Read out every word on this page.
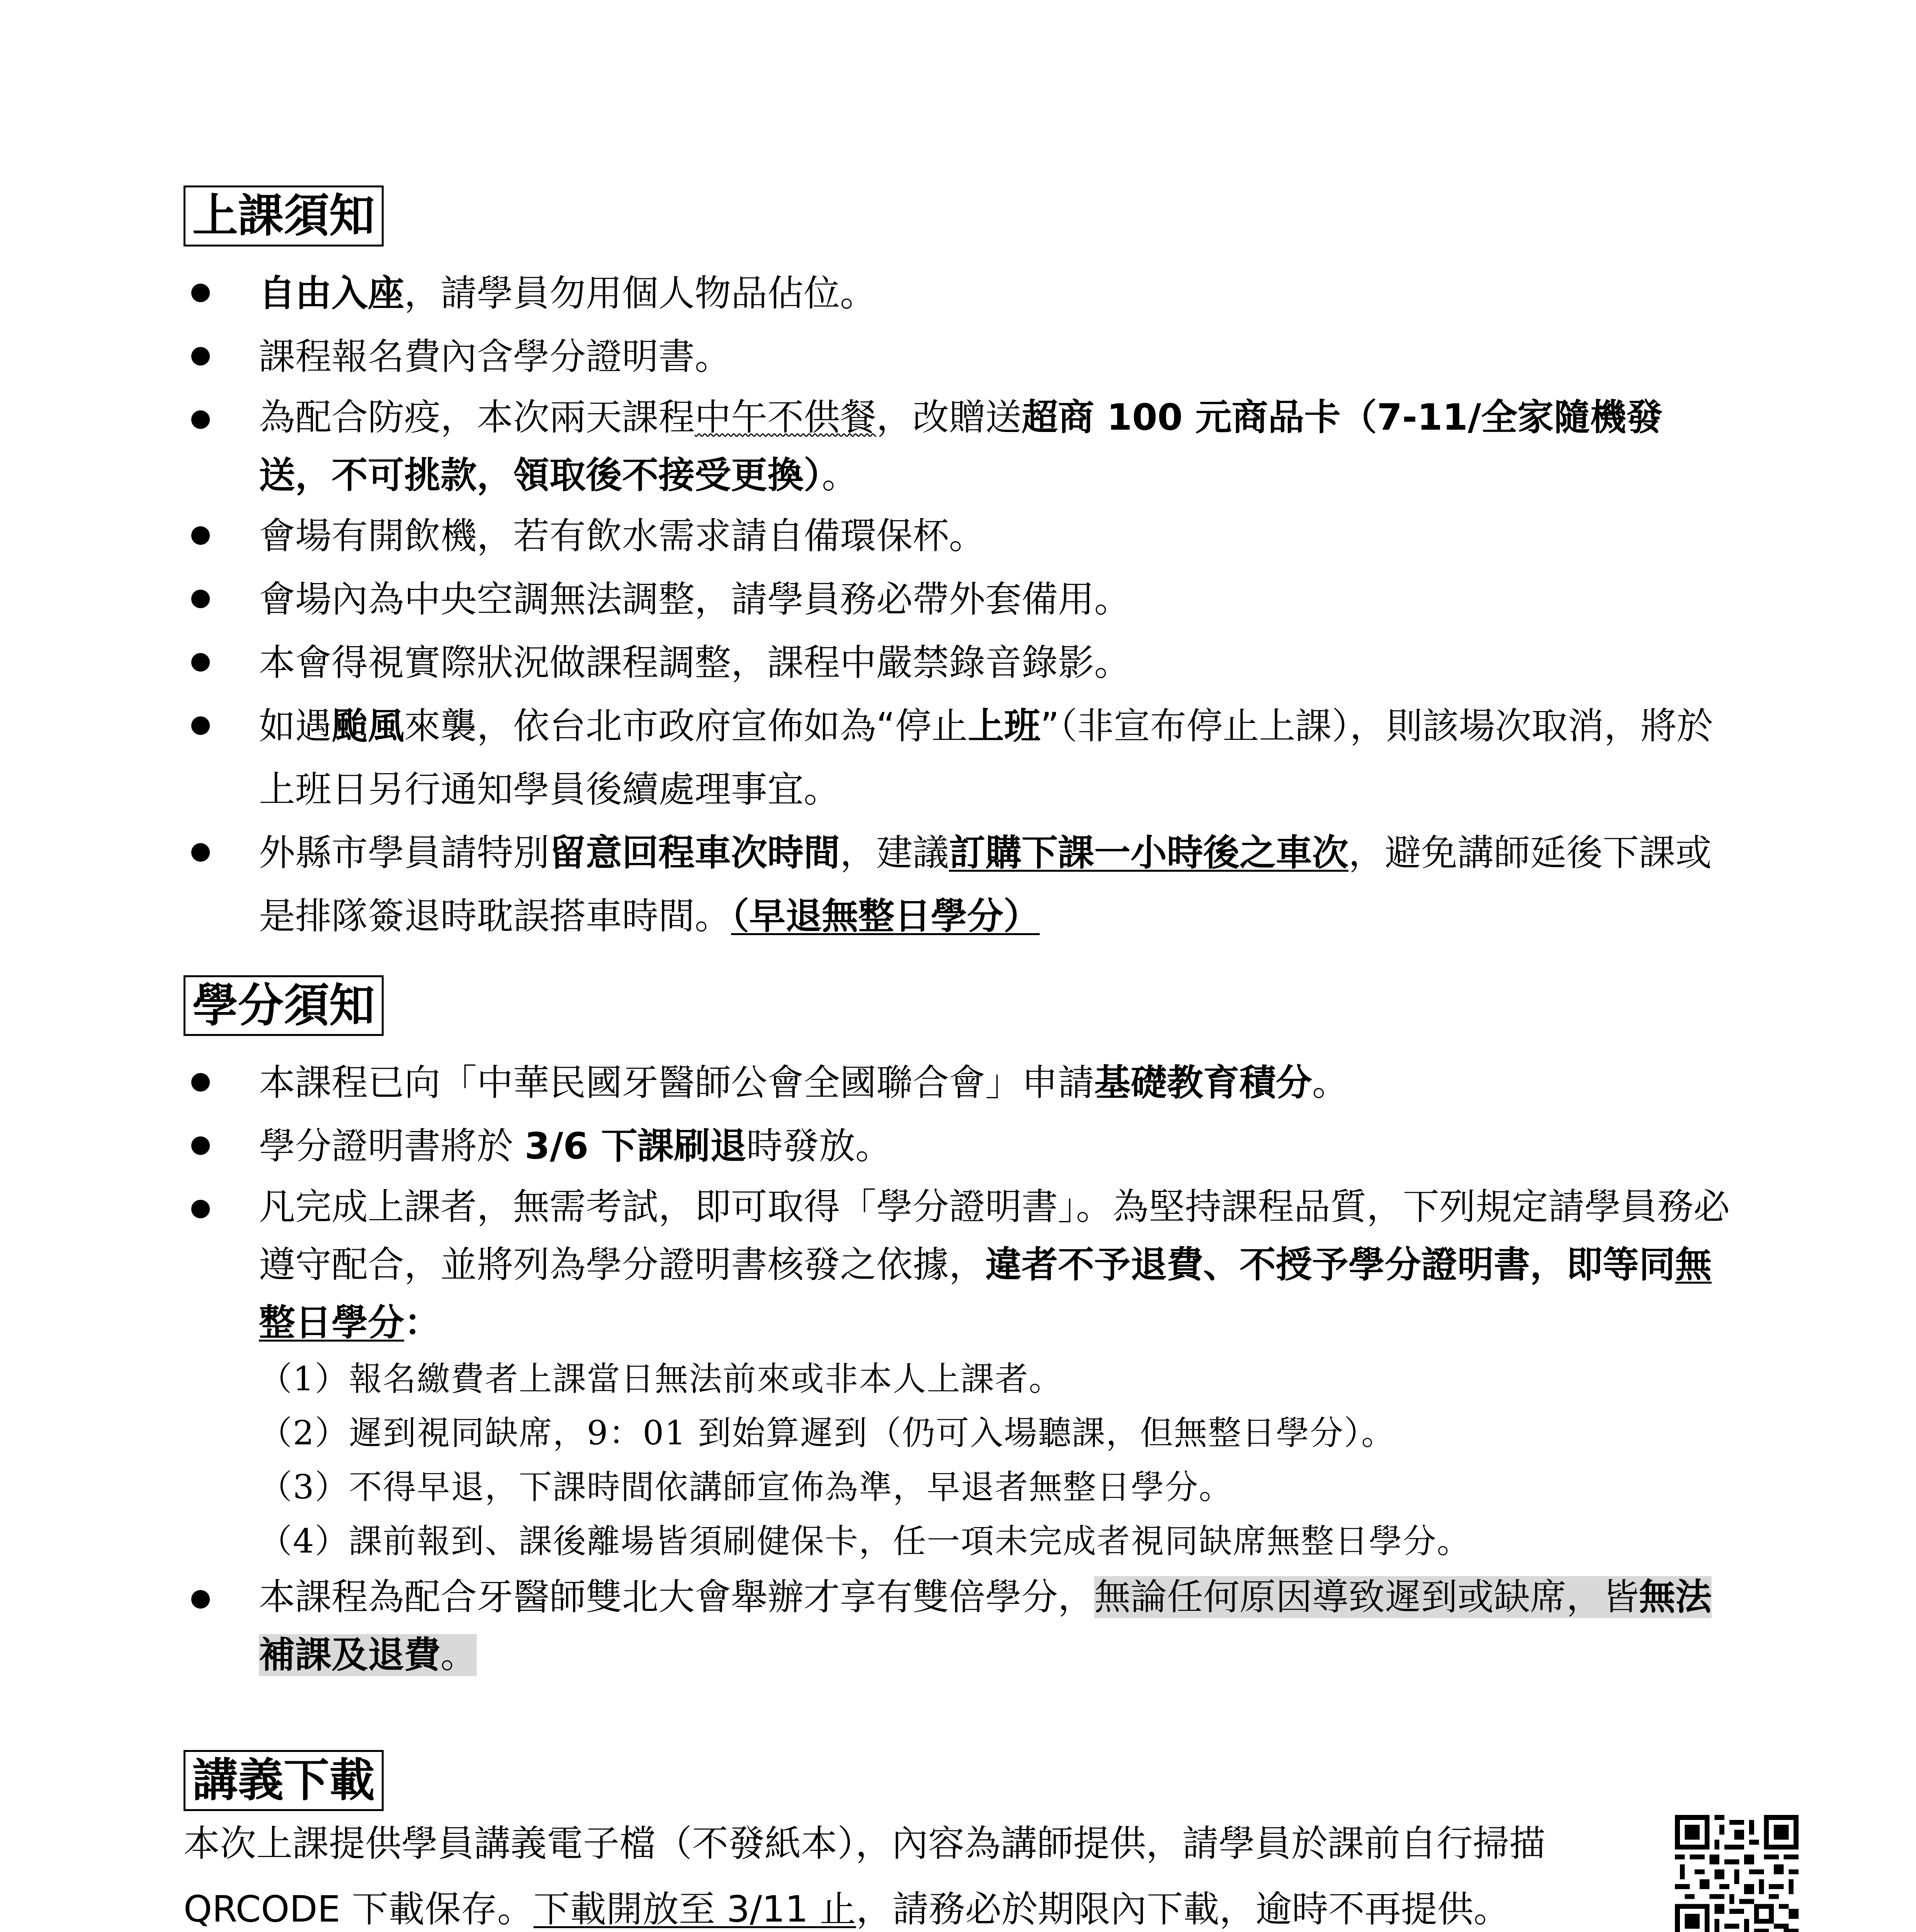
上課須知
自由入座，請學員勿用個人物品佔位。
課程報名費內含學分證明書。
為配合防疫，本次兩天課程中午不供餐，改贈送超商 100 元商品卡（7-11/全家隨機發送，不可挑款，領取後不接受更換）。
會場有開飲機，若有飲水需求請自備環保杯。
會場內為中央空調無法調整，請學員務必帶外套備用。
本會得視實際狀況做課程調整，課程中嚴禁錄音錄影。
如遇颱風來襲，依台北市政府宣佈如為“停止上班”（非宣布停止上課），則該場次取消，將於上班日另行通知學員後續處理事宜。
外縣市學員請特別留意回程車次時間，建議訂購下課一小時後之車次，避免講師延後下課或是排隊簽退時耽誤搭車時間。（早退無整日學分）
學分須知
本課程已向「中華民國牙醫師公會全國聯合會」申請基礎教育積分。
學分證明書將於 3/6 下課刷退時發放。
凡完成上課者，無需考試，即可取得「學分證明書」。為堅持課程品質，下列規定請學員務必遵守配合，並將列為學分證明書核發之依據，違者不予退費、不授予學分證明書，即等同無整日學分：
（1）報名繳費者上課當日無法前來或非本人上課者。
（2）遲到視同缺席，9：01 到始算遲到（仍可入場聽課，但無整日學分）。
（3）不得早退，下課時間依講師宣佈為準，早退者無整日學分。
（4）課前報到、課後離場皆須刷健保卡，任一項未完成者視同缺席無整日學分。
本課程為配合牙醫師雙北大會舉辦才享有雙倍學分，無論任何原因導致遲到或缺席，皆無法補課及退費。
講義下載

本次上課提供學員講義電子檔（不發紙本），內容為講師提供，請學員於課前自行掃描 QRCODE 下載保存。下載開放至 3/11 止，請務必於期限內下載，逾時不再提供。
